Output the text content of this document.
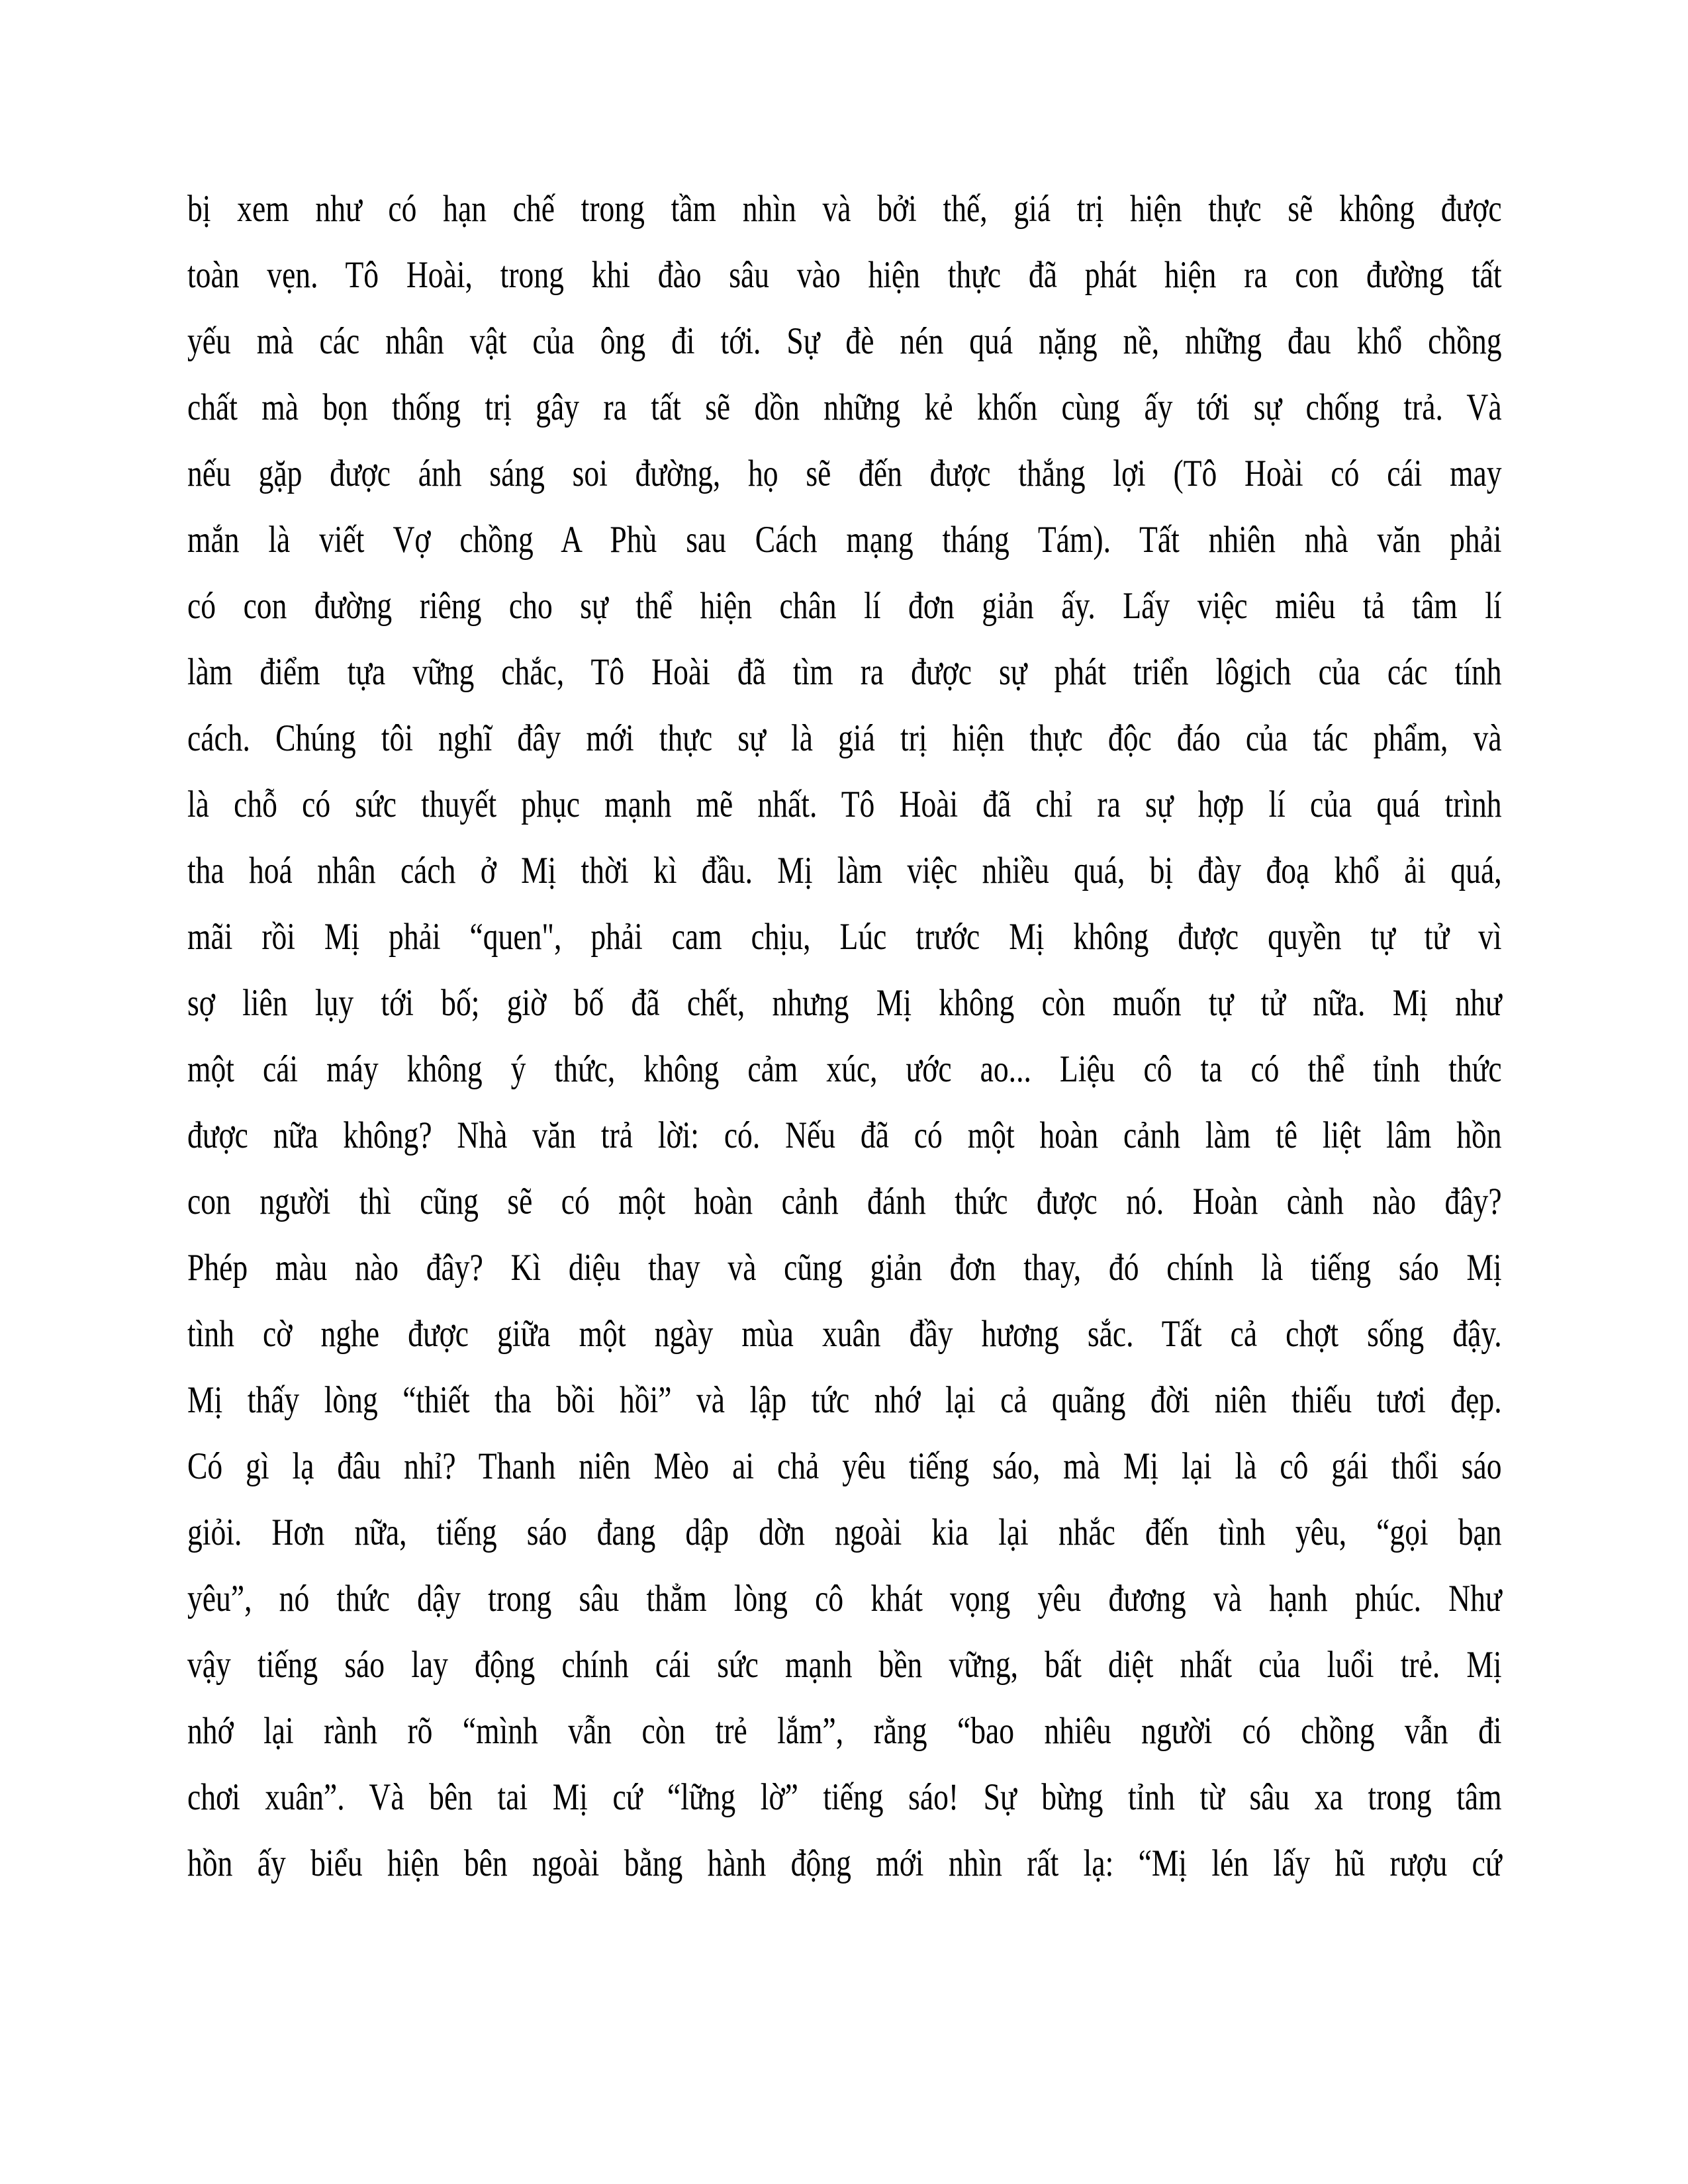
bị xem như có hạn chế trong tầm nhìn và bởi thế, giá trị hiện thực sẽ không được
toàn vẹn. Tô Hoài, trong khi đào sâu vào hiện thực đã phát hiện ra con đường tất
yếu mà các nhân vật của ông đi tới. Sự đè nén quá nặng nề, những đau khổ chồng
chất mà bọn thống trị gây ra tất sẽ dồn những kẻ khốn cùng ấy tới sự chống trả. Và
nếu gặp được ánh sáng soi đường, họ sẽ đến được thắng lợi (Tô Hoài có cái may
mắn là viết Vợ chồng A Phù sau Cách mạng tháng Tám). Tất nhiên nhà văn phải
có con đường riêng cho sự thể hiện chân lí đơn giản ấy. Lấy việc miêu tả tâm lí
làm điểm tựa vững chắc, Tô Hoài đã tìm ra được sự phát triển lôgich của các tính
cách. Chúng tôi nghĩ đây mới thực sự là giá trị hiện thực độc đáo của tác phẩm, và
là chỗ có sức thuyết phục mạnh mẽ nhất. Tô Hoài đã chỉ ra sự hợp lí của quá trình
tha hoá nhân cách ở Mị thời kì đầu. Mị làm việc nhiều quá, bị đày đoạ khổ ải quá,
mãi rồi Mị phải “quen", phải cam chịu, Lúc trước Mị không được quyền tự tử vì
sợ liên lụy tới bố; giờ bố đã chết, nhưng Mị không còn muốn tự tử nữa. Mị như
một cái máy không ý thức, không cảm xúc, ước ao... Liệu cô ta có thể tỉnh thức
được nữa không? Nhà văn trả lời: có. Nếu đã có một hoàn cảnh làm tê liệt lâm hồn
con người thì cũng sẽ có một hoàn cảnh đánh thức được nó. Hoàn cành nào đây?
Phép màu nào đây? Kì diệu thay và cũng giản đơn thay, đó chính là tiếng sáo Mị
tình cờ nghe được giữa một ngày mùa xuân đầy hương sắc. Tất cả chợt sống đậy.
Mị thấy lòng “thiết tha bồi hồi” và lập tức nhớ lại cả quãng đời niên thiếu tươi đẹp.
Có gì lạ đâu nhỉ? Thanh niên Mèo ai chả yêu tiếng sáo, mà Mị lại là cô gái thổi sáo
giỏi. Hơn nữa, tiếng sáo đang dập dờn ngoài kia lại nhắc đến tình yêu, “gọi bạn
yêu”, nó thức dậy trong sâu thẳm lòng cô khát vọng yêu đương và hạnh phúc. Như
vậy tiếng sáo lay động chính cái sức mạnh bền vững, bất diệt nhất của luổi trẻ. Mị
nhớ lại rành rõ “mình vẫn còn trẻ lắm”, rằng “bao nhiêu người có chồng vẫn đi
chơi xuân”. Và bên tai Mị cứ “lững lờ” tiếng sáo! Sự bừng tỉnh từ sâu xa trong tâm
hồn ấy biểu hiện bên ngoài bằng hành động mới nhìn rất lạ: “Mị lén lấy hũ rượu cứ
